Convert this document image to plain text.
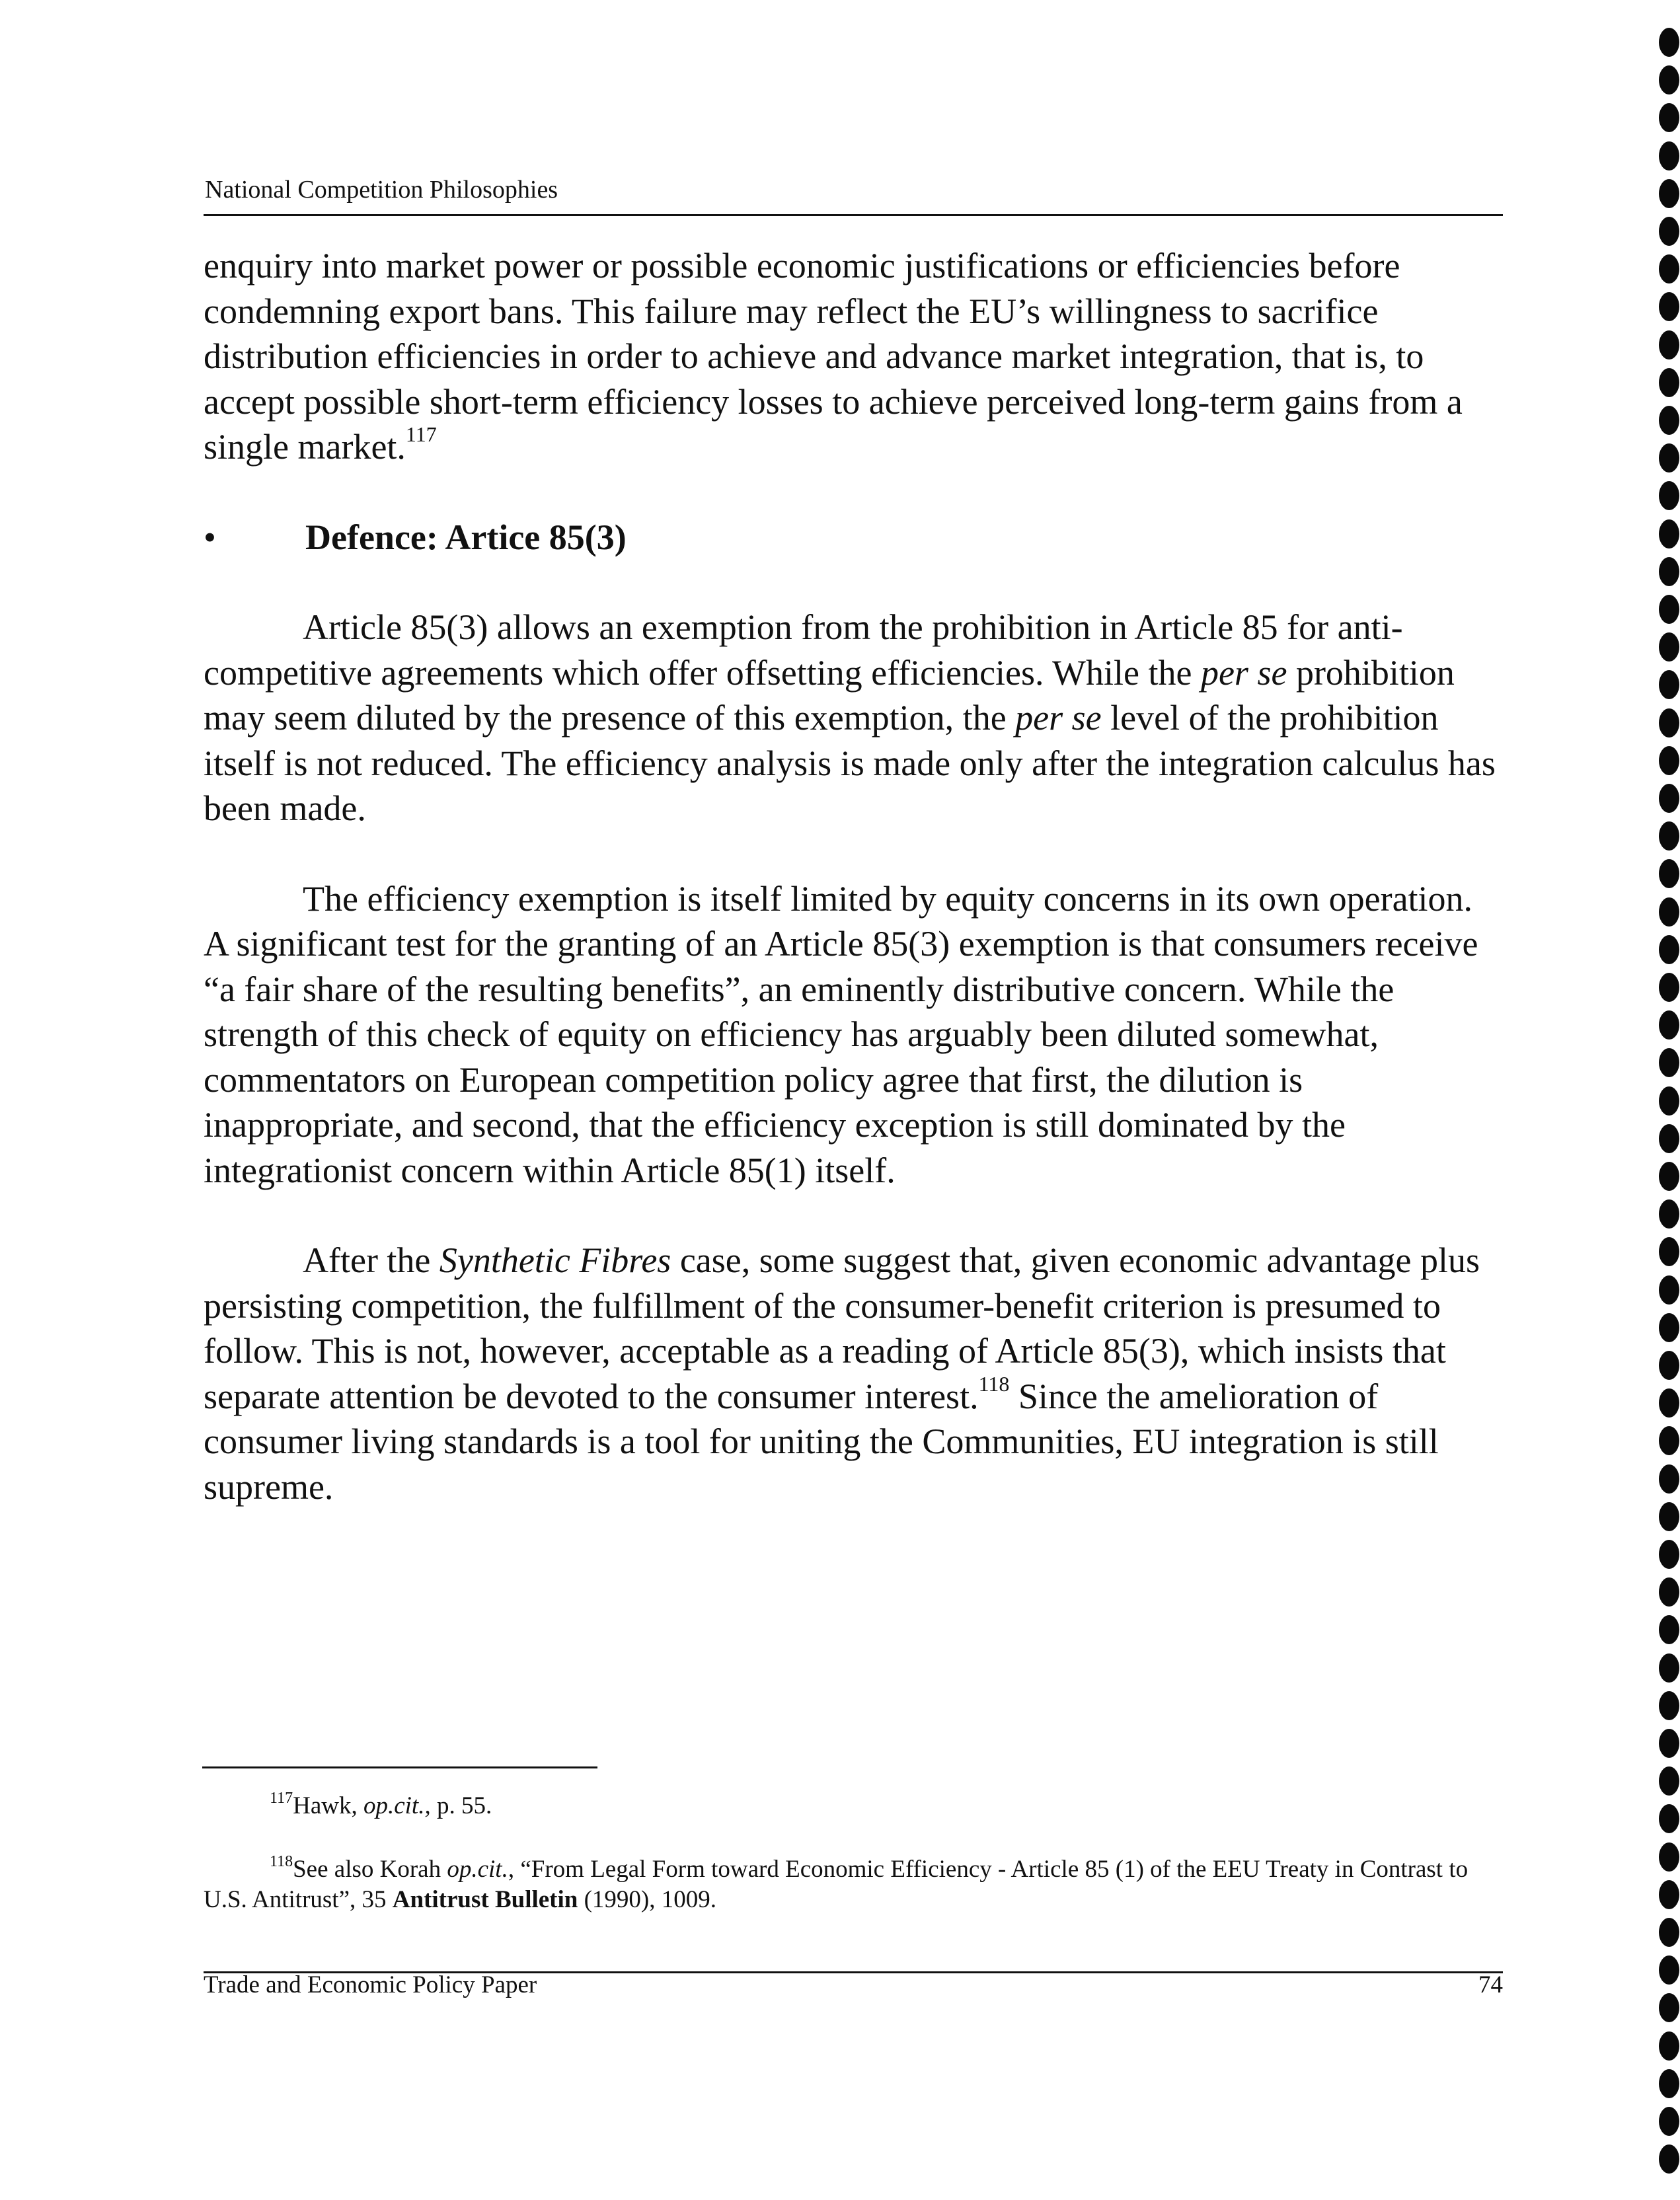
National Competition Philosophies

enquiry into market power or possible economic justifications or efficiencies before condemning export bans. This failure may reflect the EU’s willingness to sacrifice distribution efficiencies in order to achieve and advance market integration, that is, to accept possible short-term efficiency losses to achieve perceived long-term gains from a single market.$^{117}$

•	Defence: Artice 85(3)

Article 85(3) allows an exemption from the prohibition in Article 85 for anti-competitive agreements which offer offsetting efficiencies. While the per se prohibition may seem diluted by the presence of this exemption, the per se level of the prohibition itself is not reduced. The efficiency analysis is made only after the integration calculus has been made.

The efficiency exemption is itself limited by equity concerns in its own operation. A significant test for the granting of an Article 85(3) exemption is that consumers receive “a fair share of the resulting benefits”, an eminently distributive concern. While the strength of this check of equity on efficiency has arguably been diluted somewhat, commentators on European competition policy agree that first, the dilution is inappropriate, and second, that the efficiency exception is still dominated by the integrationist concern within Article 85(1) itself.

After the Synthetic Fibres case, some suggest that, given economic advantage plus persisting competition, the fulfillment of the consumer-benefit criterion is presumed to follow. This is not, however, acceptable as a reading of Article 85(3), which insists that separate attention be devoted to the consumer interest.$^{118}$ Since the amelioration of consumer living standards is a tool for uniting the Communities, EU integration is still supreme.

$^{117}$Hawk, op.cit., p. 55.

$^{118}$See also Korah op.cit., “From Legal Form toward Economic Efficiency - Article 85 (1) of the EEU Treaty in Contrast to U.S. Antitrust”, 35 Antitrust Bulletin (1990), 1009.

Trade and Economic Policy Paper	74
